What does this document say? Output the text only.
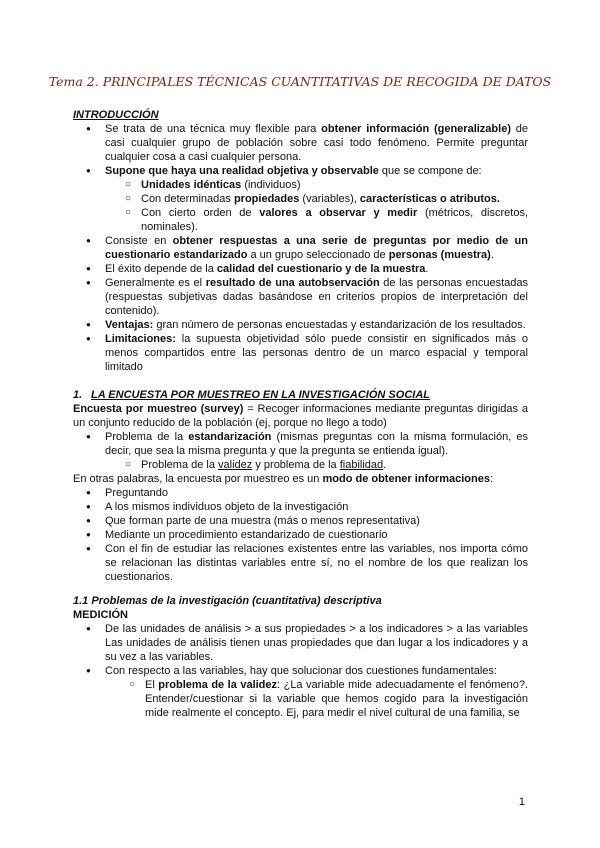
Tema 2. PRINCIPALES TÉCNICAS CUANTITATIVAS DE RECOGIDA DE DATOS

INTRODUCCIÓN

● Se trata de una técnica muy flexible para obtener información (generalizable) de casi cualquier grupo de población sobre casi todo fenómeno. Permite preguntar cualquier cosa a casi cualquier persona.
● Supone que haya una realidad objetiva y observable que se compone de:
○ Unidades idénticas (individuos)
○ Con determinadas propiedades (variables), características o atributos.
○ Con cierto orden de valores a observar y medir (métricos, discretos, nominales).
● Consiste en obtener respuestas a una serie de preguntas por medio de un cuestionario estandarizado a un grupo seleccionado de personas (muestra).
● El éxito depende de la calidad del cuestionario y de la muestra.
● Generalmente es el resultado de una autobservación de las personas encuestadas (respuestas subjetivas dadas basándose en criterios propios de interpretación del contenido).
● Ventajas: gran número de personas encuestadas y estandarización de los resultados.
● Limitaciones: la supuesta objetividad sólo puede consistir en significados más o menos compartidos entre las personas dentro de un marco espacial y temporal limitado

1. LA ENCUESTA POR MUESTREO EN LA INVESTIGACIÓN SOCIAL

Encuesta por muestreo (survey) = Recoger informaciones mediante preguntas dirigidas a un conjunto reducido de la población (ej, porque no llego a todo)

● Problema de la estandarización (mismas preguntas con la misma formulación, es decir, que sea la misma pregunta y que la pregunta se entienda igual).
○ Problema de la validez y problema de la fiabilidad.

En otras palabras, la encuesta por muestreo es un modo de obtener informaciones:

● Preguntando
● A los mismos individuos objeto de la investigación
● Que forman parte de una muestra (más o menos representativa)
● Mediante un procedimiento estandarizado de cuestionario
● Con el fin de estudiar las relaciones existentes entre las variables, nos importa cómo se relacionan las distintas variables entre sí, no el nombre de los que realizan los cuestionarios.

1.1 Problemas de la investigación (cuantitativa) descriptiva

MEDICIÓN

● De las unidades de análisis > a sus propiedades > a los indicadores > a las variables Las unidades de análisis tienen unas propiedades que dan lugar a los indicadores y a su vez a las variables.
● Con respecto a las variables, hay que solucionar dos cuestiones fundamentales:
○ El problema de la validez: ¿La variable mide adecuadamente el fenómeno?. Entender/cuestionar si la variable que hemos cogido para la investigación mide realmente el concepto. Ej, para medir el nivel cultural de una familia, se
1
